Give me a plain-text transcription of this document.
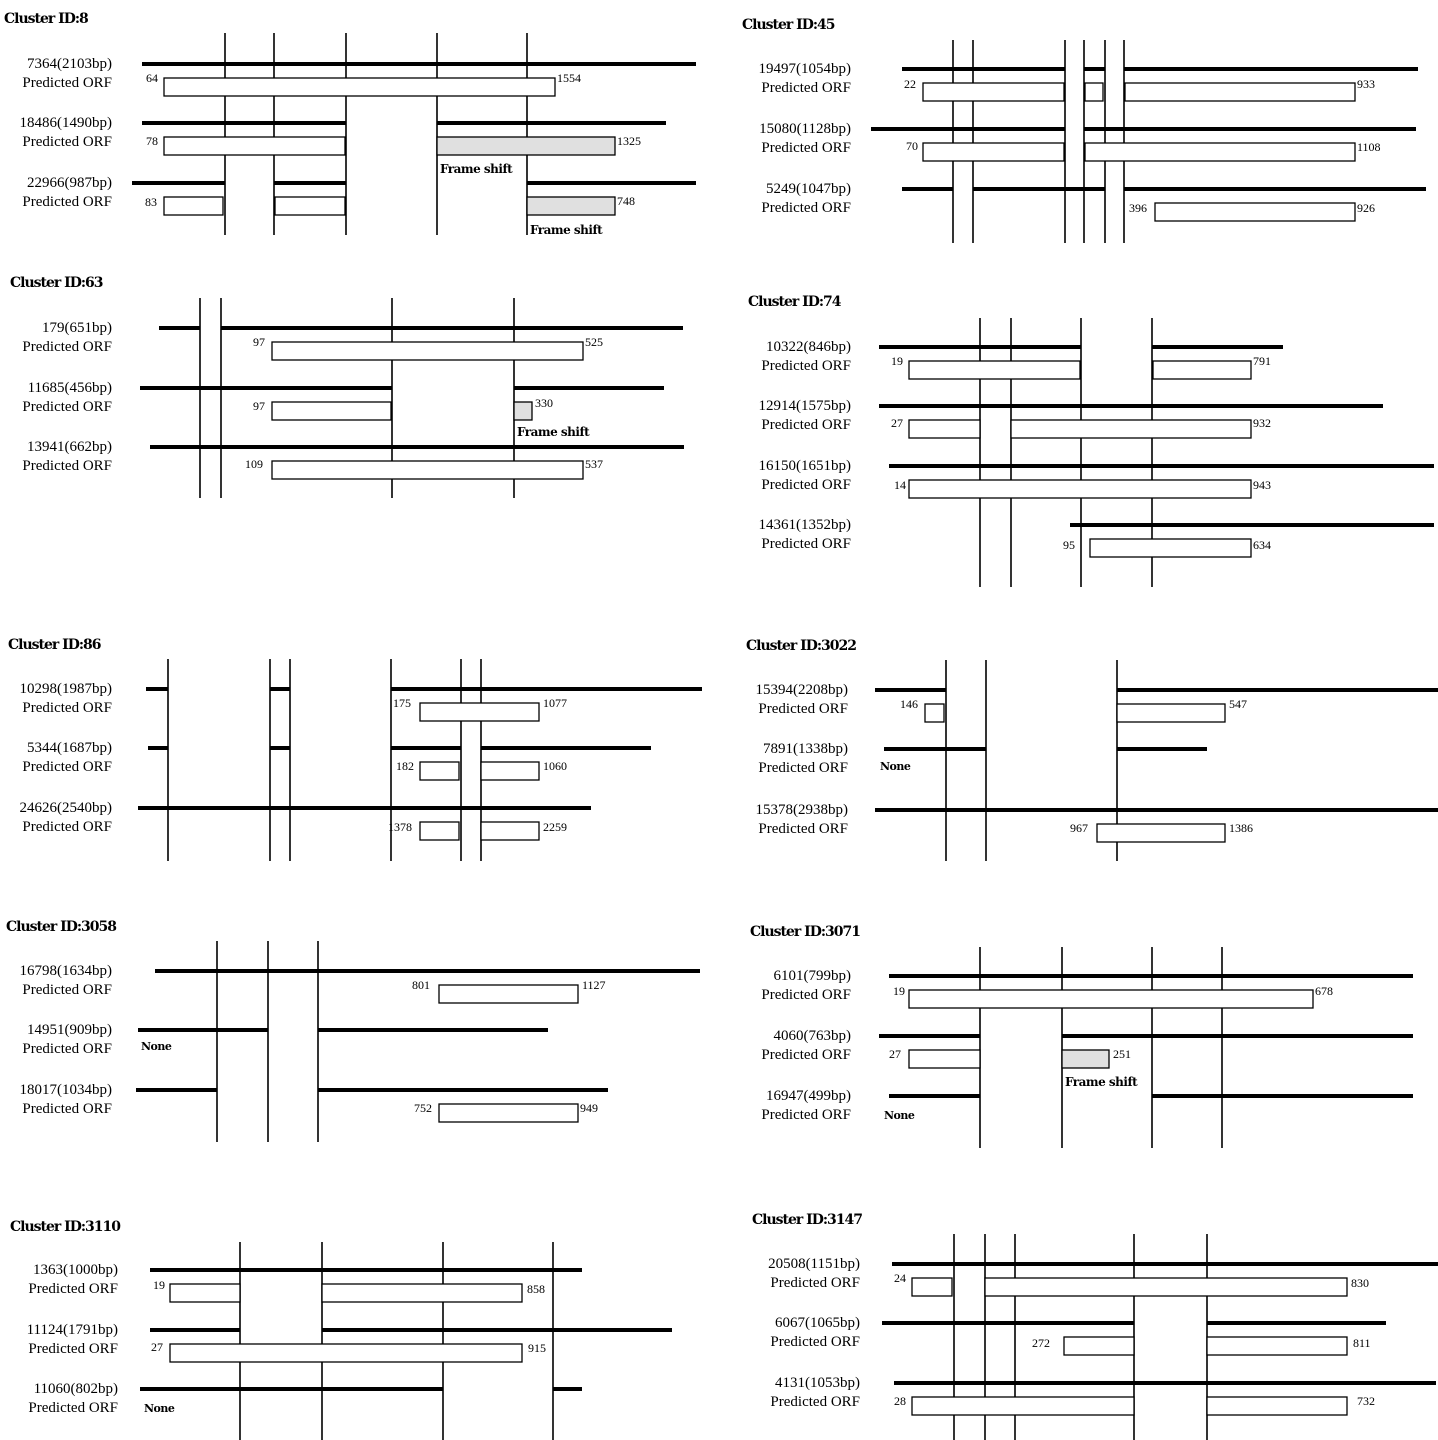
Cluster ID:8
7364(2103bp)
Predicted ORF	64	1554
18486(1490bp)
Predicted ORF	78	1325
Frame shift
22966(987bp)
Predicted ORF	83	748
Frame shift
Cluster ID:45
19497(1054bp)
Predicted ORF	22	933
15080(1128bp)
Predicted ORF	70	1108
5249(1047bp)
Predicted ORF	396	926
Cluster ID:63
179(651bp)
Predicted ORF	97	525
11685(456bp)
Predicted ORF	97	330
Frame shift
13941(662bp)
Predicted ORF	109	537
Cluster ID:74
10322(846bp)
Predicted ORF	19	791
12914(1575bp)
Predicted ORF	27	932
16150(1651bp)
Predicted ORF	14	943
14361(1352bp)
Predicted ORF	95	634
Cluster ID:86
10298(1987bp)
Predicted ORF	175	1077
5344(1687bp)
Predicted ORF	182	1060
24626(2540bp)
Predicted ORF	1378	2259
Cluster ID:3022
15394(2208bp)
Predicted ORF	146	547
7891(1338bp)
Predicted ORF	None
15378(2938bp)
Predicted ORF	967	1386
Cluster ID:3058
16798(1634bp)
Predicted ORF	801	1127
14951(909bp)
Predicted ORF	None
18017(1034bp)
Predicted ORF	752	949
Cluster ID:3071
6101(799bp)
Predicted ORF	19	678
4060(763bp)
Predicted ORF	27	251
Frame shift
16947(499bp)
Predicted ORF	None
Cluster ID:3110
1363(1000bp)
Predicted ORF	19	858
11124(1791bp)
Predicted ORF	27	915
11060(802bp)
Predicted ORF None
Cluster ID:3147
20508(1151bp)
Predicted ORF	24	830
6067(1065bp)
Predicted ORF	272	811
4131(1053bp)
Predicted ORF	28	732
